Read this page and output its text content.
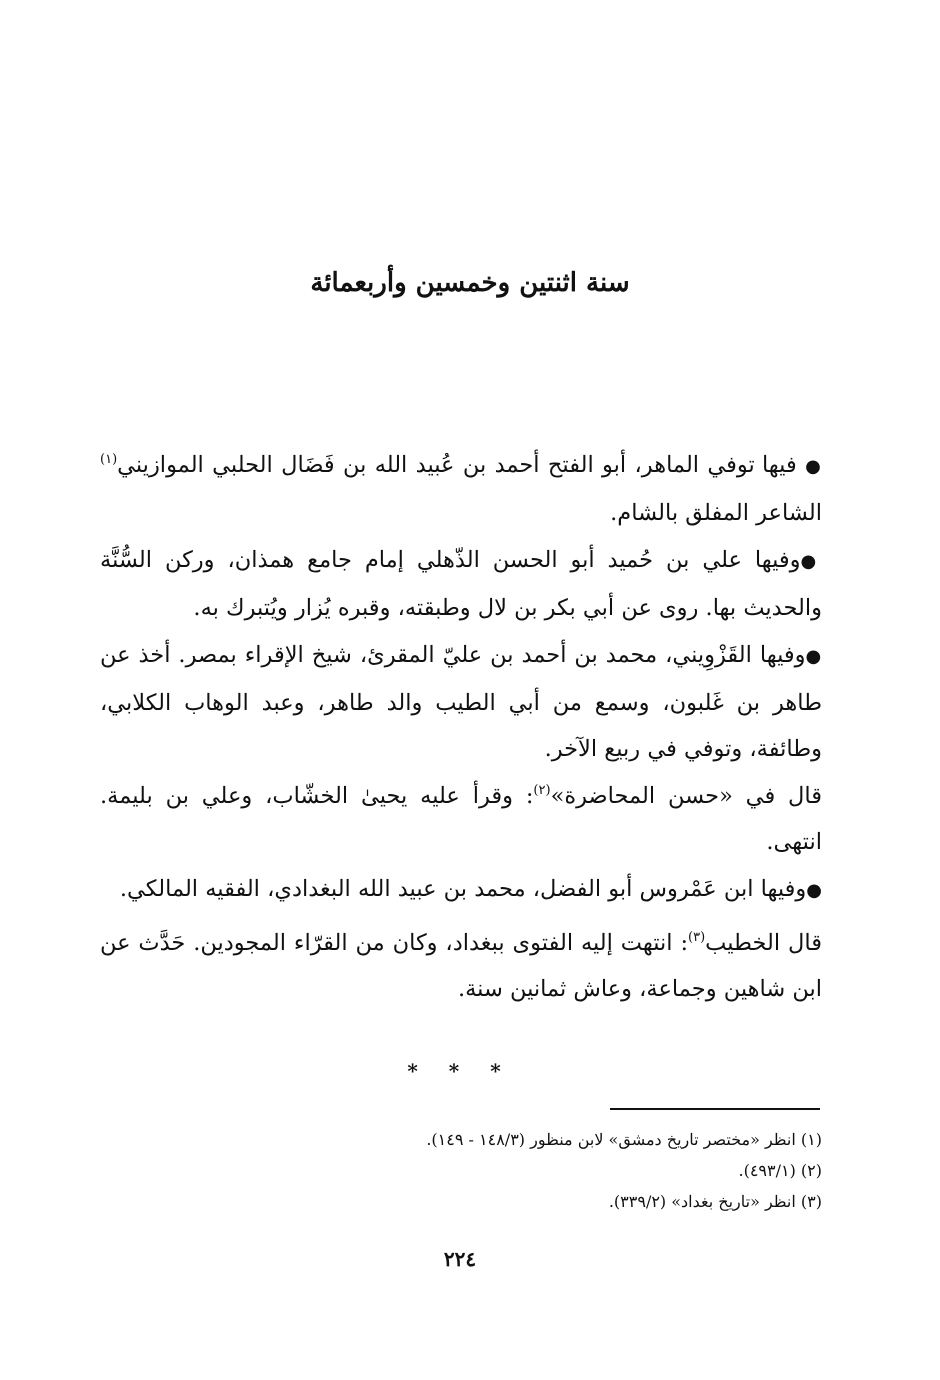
سنة اثنتين وخمسين وأربعمائة

● فيها توفي الماهر، أبو الفتح أحمد بن عُبيد الله بن فَضَال الحلبي الموازيني$^{(١)}$ الشاعر المفلق بالشام.

●وفيها علي بن حُميد أبو الحسن الذّهلي إمام جامع همذان، وركن السُّنَّة والحديث بها. روى عن أبي بكر بن لال وطبقته، وقبره يُزار ويُتبرك به.

●وفيها القَزْوِيني، محمد بن أحمد بن عليّ المقرئ، شيخ الإقراء بمصر. أخذ عن طاهر بن غَلبون، وسمع من أبي الطيب والد طاهر، وعبد الوهاب الكلابي، وطائفة، وتوفي في ربيع الآخر.

قال في «حسن المحاضرة»$^{(٢)}$: وقرأ عليه يحيىٰ الخشّاب، وعلي بن بليمة. انتهى.

●وفيها ابن عَمْروس أبو الفضل، محمد بن عبيد الله البغدادي، الفقيه المالكي.

قال الخطيب$^{(٣)}$: انتهت إليه الفتوى ببغداد، وكان من القرّاء المجودين. حَدَّث عن ابن شاهين وجماعة، وعاش ثمانين سنة.

* * *

(١) انظر «مختصر تاريخ دمشق» لابن منظور (١٤٨/٣ - ١٤٩).

(٢) (٤٩٣/١).

(٣) انظر «تاريخ بغداد» (٣٣٩/٢).

٢٢٤
